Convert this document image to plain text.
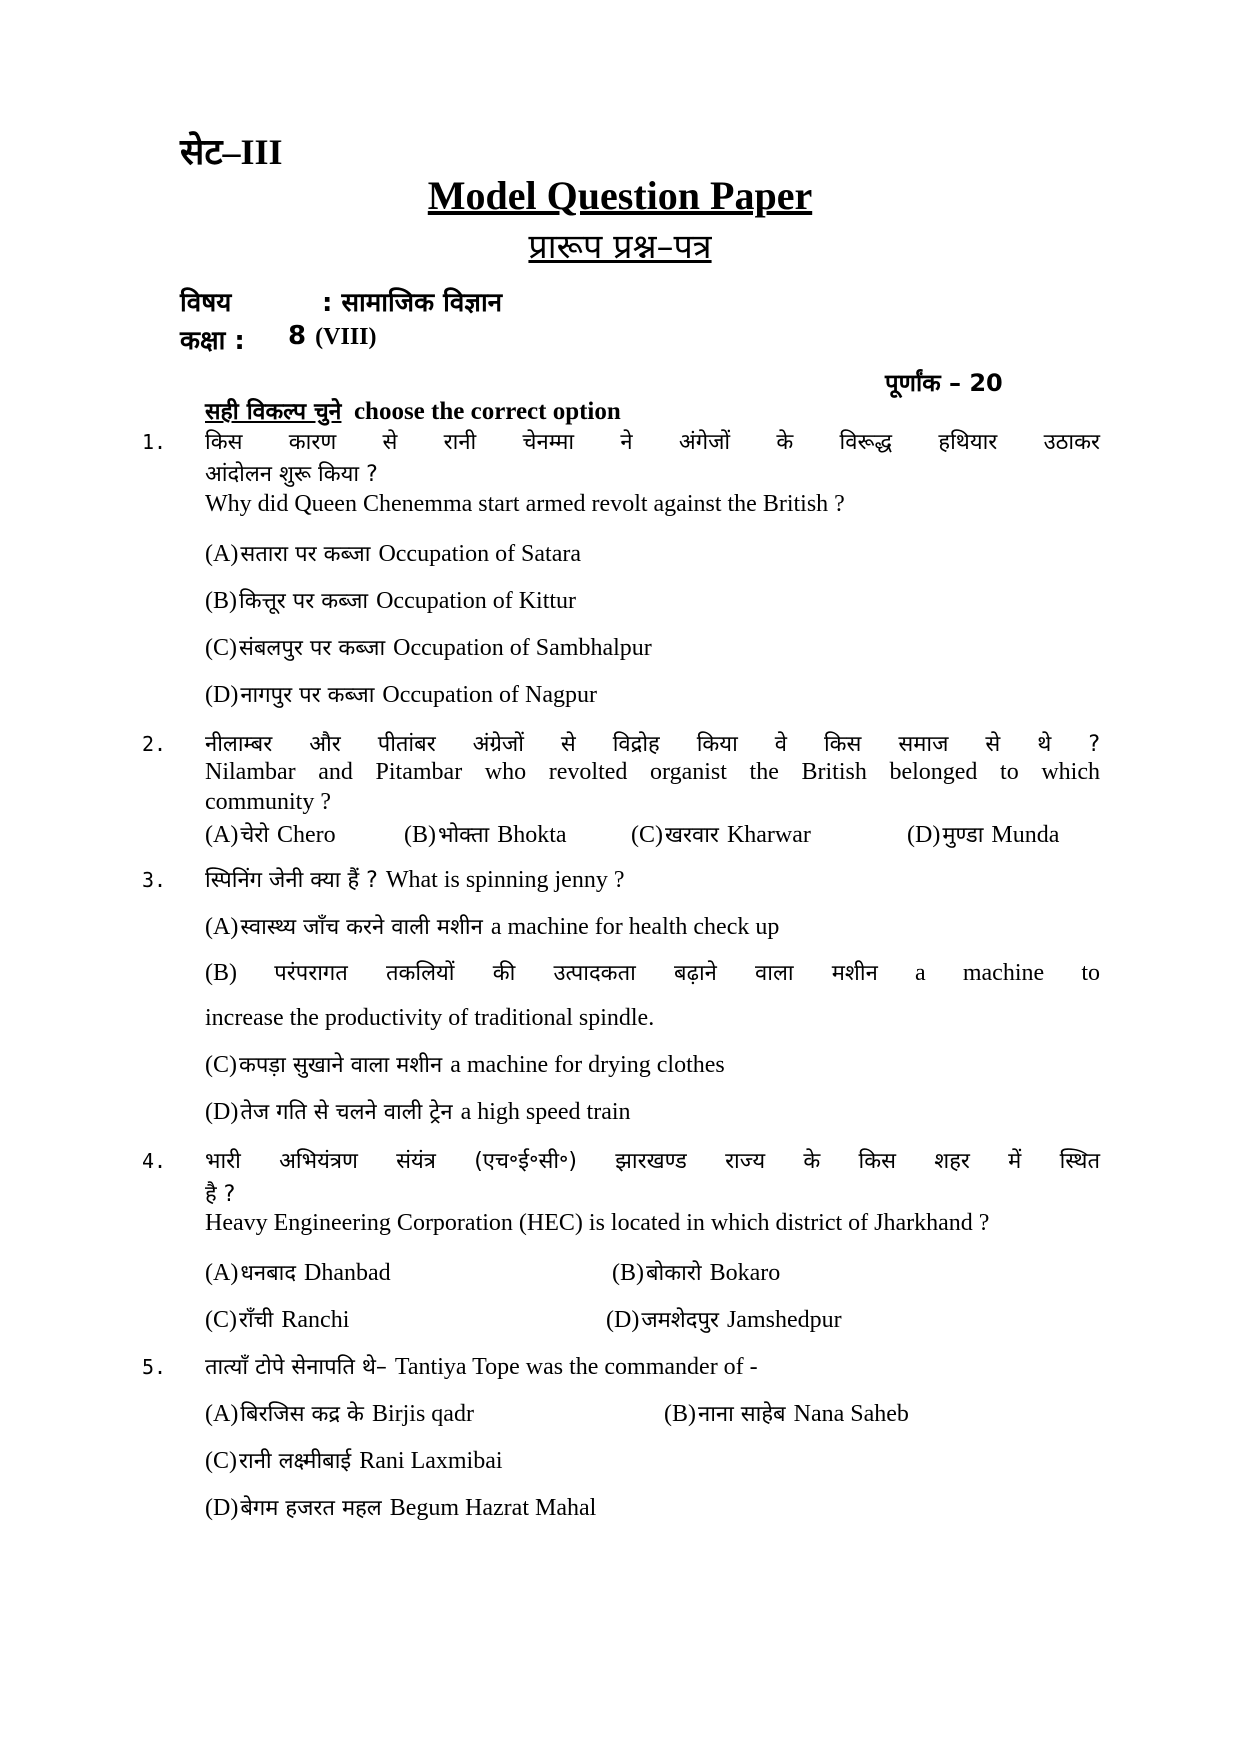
सेट–III
Model Question Paper
प्रारूप प्रश्न–पत्र
विषय	: सामाजिक विज्ञान
कक्षा : 8 (VIII)
पूर्णांक – 20
सही विकल्प चुने choose the correct option
1. किस कारण से रानी चेनम्मा ने अंगेजों के विरूद्ध हथियार उठाकर
आंदोलन शुरू किया ?
Why did Queen Chenemma start armed revolt against the British ?
(A)सतारा पर कब्जा Occupation of Satara
(B)कित्तूर पर कब्जा Occupation of Kittur
(C)संबलपुर पर कब्जा Occupation of Sambhalpur
(D)नागपुर पर कब्जा Occupation of Nagpur
2. नीलाम्बर और पीतांबर अंग्रेजों से विद्रोह किया वे किस समाज से थे ?
Nilambar and Pitambar who revolted organist the British belonged to which
community ?
(A)चेरो Chero	(B)भोक्ता Bhokta	(C)खरवार Kharwar	(D)मुण्डा Munda
3. स्पिनिंग जेनी क्या हैं ? What is spinning jenny ?
(A)स्वास्थ्य जाँच करने वाली मशीन a machine for health check up
(B) परंपरागत तकलियों की उत्पादकता बढ़ाने वाला मशीन a machine to
increase the productivity of traditional spindle.
(C)कपड़ा सुखाने वाला मशीन a machine for drying clothes
(D)तेज गति से चलने वाली ट्रेन a high speed train
4. भारी अभियंत्रण संयंत्र (एच॰ई॰सी॰) झारखण्ड राज्य के किस शहर में स्थित
है ?
Heavy Engineering Corporation (HEC) is located in which district of Jharkhand ?
(A)धनबाद Dhanbad	(B)बोकारो Bokaro
(C)राँची Ranchi	(D)जमशेदपुर Jamshedpur
5. तात्याँ टोपे सेनापति थे– Tantiya Tope was the commander of -
(A)बिरजिस कद्र के Birjis qadr	(B)नाना साहेब Nana Saheb
(C)रानी लक्ष्मीबाई Rani Laxmibai
(D)बेगम हजरत महल Begum Hazrat Mahal
